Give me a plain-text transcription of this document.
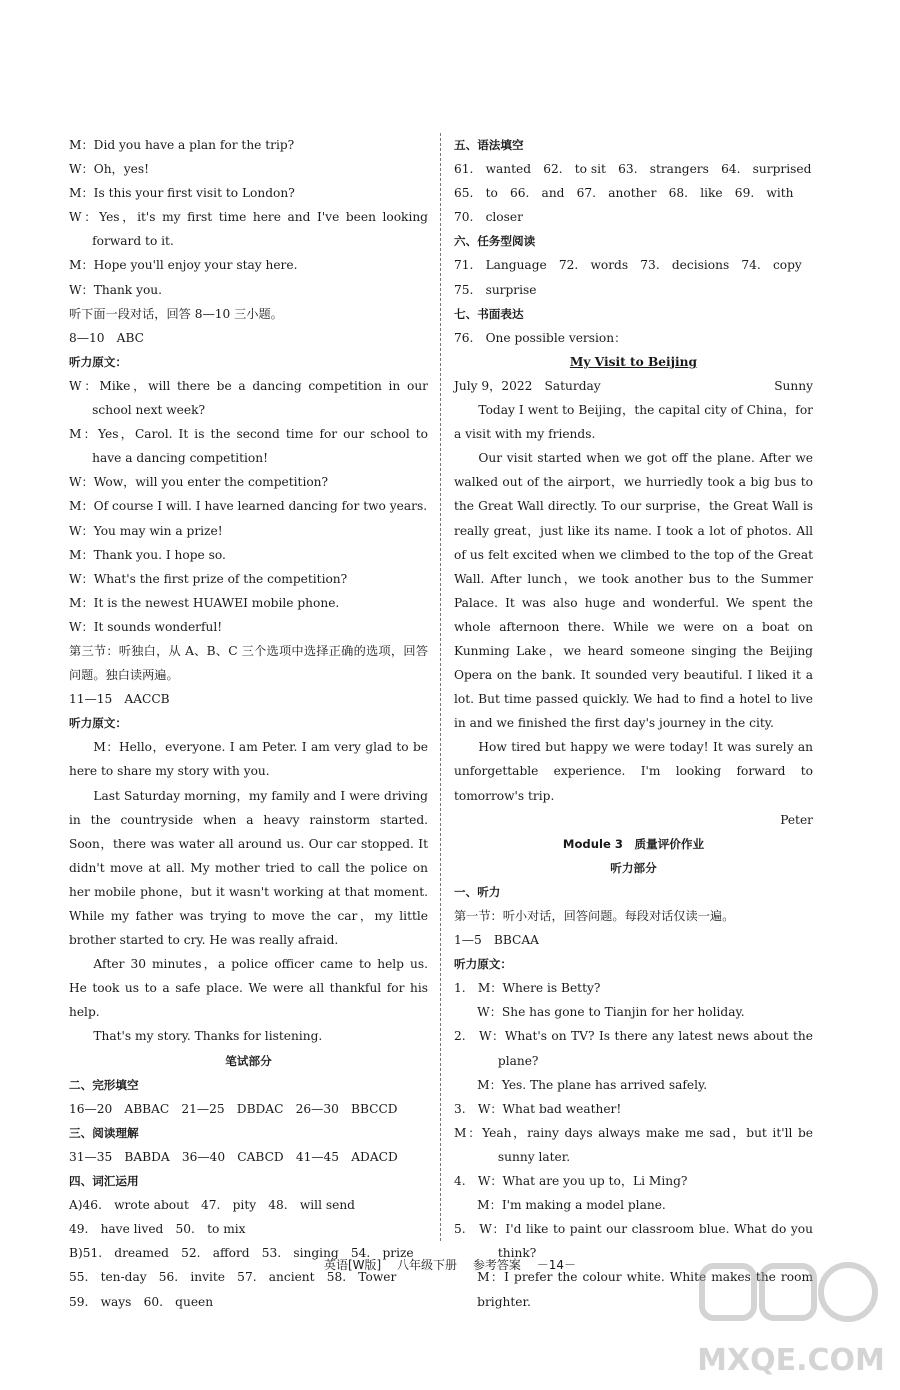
M：Did you have a plan for the trip?
W：Oh，yes!
M：Is this your first visit to London?
W：Yes，it's my first time here and I've been looking forward to it.
M：Hope you'll enjoy your stay here.
W：Thank you.
听下面一段对话，回答 8—10 三小题。
8—10　ABC
听力原文：
W：Mike，will there be a dancing competition in our school next week?
M：Yes，Carol. It is the second time for our school to have a dancing competition!
W：Wow，will you enter the competition?
M：Of course I will. I have learned dancing for two years.
W：You may win a prize!
M：Thank you. I hope so.
W：What's the first prize of the competition?
M：It is the newest HUAWEI mobile phone.
W：It sounds wonderful!
第三节：听独白，从 A、B、C 三个选项中选择正确的选项，回答问题。独白读两遍。
11—15　AACCB
听力原文：
M：Hello，everyone. I am Peter. I am very glad to be here to share my story with you.
Last Saturday morning，my family and I were driving in the countryside when a heavy rainstorm started. Soon，there was water all around us. Our car stopped. It didn't move at all. My mother tried to call the police on her mobile phone，but it wasn't working at that moment. While my father was trying to move the car，my little brother started to cry. He was really afraid.
After 30 minutes，a police officer came to help us. He took us to a safe place. We were all thankful for his help.
That's my story. Thanks for listening.
笔试部分
二、完形填空
16—20　ABBAC　21—25　DBDAC　26—30　BBCCD
三、阅读理解
31—35　BABDA　36—40　CABCD　41—45　ADACD
四、词汇运用
A)46.　wrote about　47.　pity　48.　will send
49.　have lived　50.　to mix
B)51.　dreamed　52.　afford　53.　singing　54.　prize
55.　ten-day　56.　invite　57.　ancient　58.　Tower
59.　ways　60.　queen
五、语法填空
61.　wanted　62.　to sit　63.　strangers　64.　surprised
65.　to　66.　and　67.　another　68.　like　69.　with
70.　closer
六、任务型阅读
71.　Language　72.　words　73.　decisions　74.　copy
75.　surprise
七、书面表达
76.　One possible version：
My Visit to Beijing
July 9，2022　Saturday	Sunny
Today I went to Beijing，the capital city of China，for a visit with my friends.
Our visit started when we got off the plane. After we walked out of the airport，we hurriedly took a big bus to the Great Wall directly. To our surprise，the Great Wall is really great，just like its name. I took a lot of photos. All of us felt excited when we climbed to the top of the Great Wall. After lunch，we took another bus to the Summer Palace. It was also huge and wonderful. We spent the whole afternoon there. While we were on a boat on Kunming Lake，we heard someone singing the Beijing Opera on the bank. It sounded very beautiful. I liked it a lot. But time passed quickly. We had to find a hotel to live in and we finished the first day's journey in the city.
How tired but happy we were today! It was surely an unforgettable experience. I'm looking forward to tomorrow's trip.
Peter
Module 3　质量评价作业
听力部分
一、听力
第一节：听小对话，回答问题。每段对话仅读一遍。
1—5　BBCAA
听力原文：
1.　M：Where is Betty?
W：She has gone to Tianjin for her holiday.
2.　W：What's on TV? Is there any latest news about the plane?
M：Yes. The plane has arrived safely.
3.　W：What bad weather!
M：Yeah，rainy days always make me sad，but it'll be sunny later.
4.　W：What are you up to，Li Ming?
M：I'm making a model plane.
5.　W：I'd like to paint our classroom blue. What do you think?
M：I prefer the colour white. White makes the room brighter.
英语[W版] 八年级下册 参考答案 －14－
MXQE.COM
